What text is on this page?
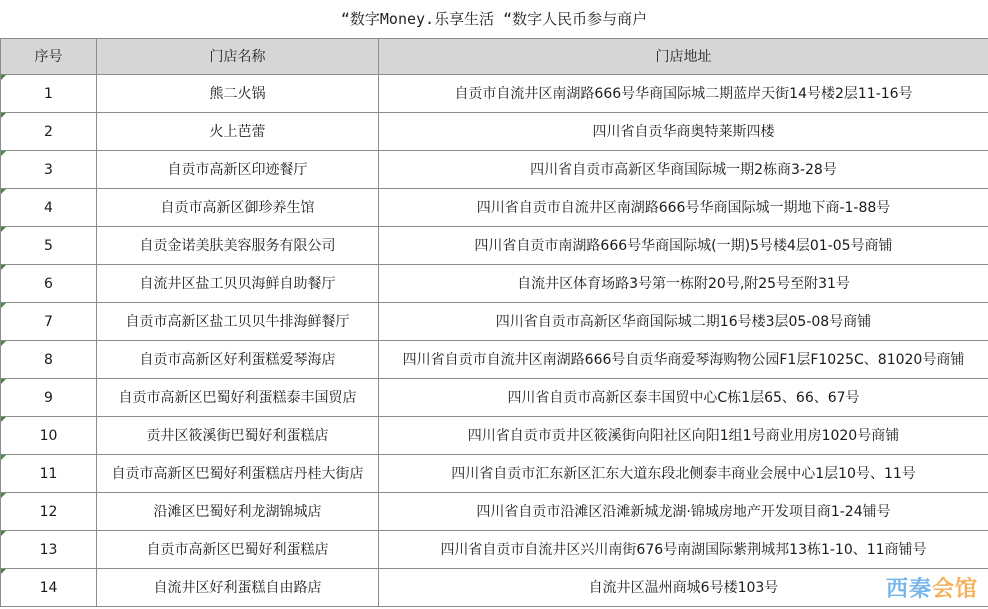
“数字Money.乐享生活 “数字人民币参与商户
序号	门店名称	门店地址
1	熊二火锅	自贡市自流井区南湖路666号华商国际城二期蓝岸天街14号楼2层11-16号
2	火上芭蕾	四川省自贡华商奥特莱斯四楼
3	自贡市高新区印迹餐厅	四川省自贡市高新区华商国际城一期2栋商3-28号
4	自贡市高新区御珍养生馆	四川省自贡市自流井区南湖路666号华商国际城一期地下商-1-88号
5	自贡金诺美肤美容服务有限公司	四川省自贡市南湖路666号华商国际城(一期)5号楼4层01-05号商铺
6	自流井区盐工贝贝海鲜自助餐厅	自流井区体育场路3号第一栋附20号,附25号至附31号
7	自贡市高新区盐工贝贝牛排海鲜餐厅	四川省自贡市高新区华商国际城二期16号楼3层05-08号商铺
8	自贡市高新区好利蛋糕爱琴海店	四川省自贡市自流井区南湖路666号自贡华商爱琴海购物公园F1层F1025C、81020号商铺
9	自贡市高新区巴蜀好利蛋糕泰丰国贸店	四川省自贡市高新区泰丰国贸中心C栋1层65、66、67号
10	贡井区筱溪街巴蜀好利蛋糕店	四川省自贡市贡井区筱溪街向阳社区向阳1组1号商业用房1020号商铺
11	自贡市高新区巴蜀好利蛋糕店丹桂大街店	四川省自贡市汇东新区汇东大道东段北侧泰丰商业会展中心1层10号、11号
12	沿滩区巴蜀好利龙湖锦城店	四川省自贡市沿滩区沿滩新城龙湖·锦城房地产开发项目商1-24铺号
13	自贡市高新区巴蜀好利蛋糕店	四川省自贡市自流井区兴川南街676号南湖国际紫荆城邦13栋1-10、11商铺号
14	自流井区好利蛋糕自由路店	自流井区温州商城6号楼103号	西秦会馆
